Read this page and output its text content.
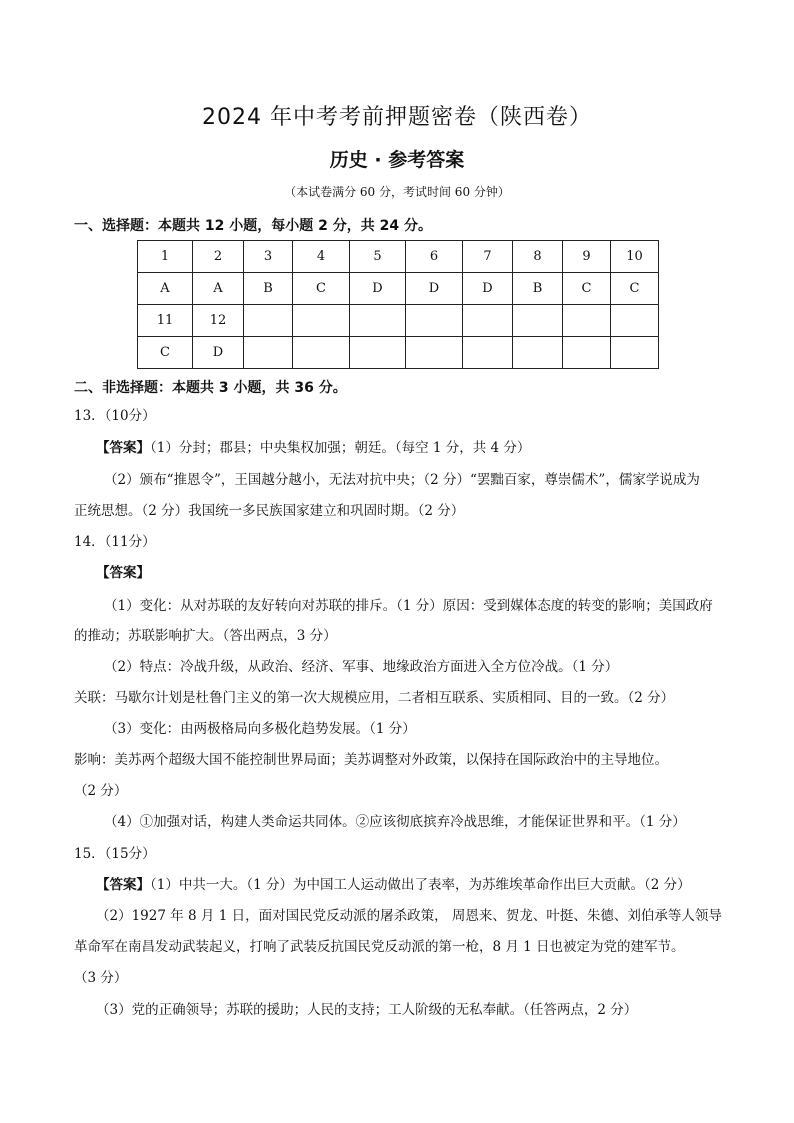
2024 年中考考前押题密卷（陕西卷）
历史 · 参考答案
（本试卷满分 60 分，考试时间 60 分钟）
一、选择题：本题共 12 小题，每小题 2 分，共 24 分。
1	2	3	4	5	6	7	8	9	10
A	A	B	C	D	D	D	B	C	C
11	12								
C	D								
二、非选择题：本题共 3 小题，共 36 分。
13．（10分）
【答案】（1）分封；郡县；中央集权加强；朝廷。（每空 1 分，共 4 分）
（2）颁布“推恩令”，王国越分越小，无法对抗中央；（2 分）“罢黜百家，尊崇儒术”，儒家学说成为
正统思想。（2 分）我国统一多民族国家建立和巩固时期。（2 分）
14．（11分）
【答案】
（1）变化：从对苏联的友好转向对苏联的排斥。（1 分）原因：受到媒体态度的转变的影响；美国政府
的推动；苏联影响扩大。（答出两点，3 分）
（2）特点：冷战升级，从政治、经济、军事、地缘政治方面进入全方位冷战。（1 分）
关联：马歇尔计划是杜鲁门主义的第一次大规模应用，二者相互联系、实质相同、目的一致。（2 分）
（3）变化：由两极格局向多极化趋势发展。（1 分）
影响：美苏两个超级大国不能控制世界局面；美苏调整对外政策，以保持在国际政治中的主导地位。
（2 分）
（4）①加强对话，构建人类命运共同体。②应该彻底摈弃冷战思维，才能保证世界和平。（1 分）
15．（15分）
【答案】（1）中共一大。（1 分）为中国工人运动做出了表率，为苏维埃革命作出巨大贡献。（2 分）
（2）1927 年 8 月 1 日，面对国民党反动派的屠杀政策， 周恩来、贺龙、叶挺、朱德、刘伯承等人领导
革命军在南昌发动武装起义，打响了武装反抗国民党反动派的第一枪，8 月 1 日也被定为党的建军节。
（3 分）
（3）党的正确领导；苏联的援助；人民的支持；工人阶级的无私奉献。（任答两点，2 分）
